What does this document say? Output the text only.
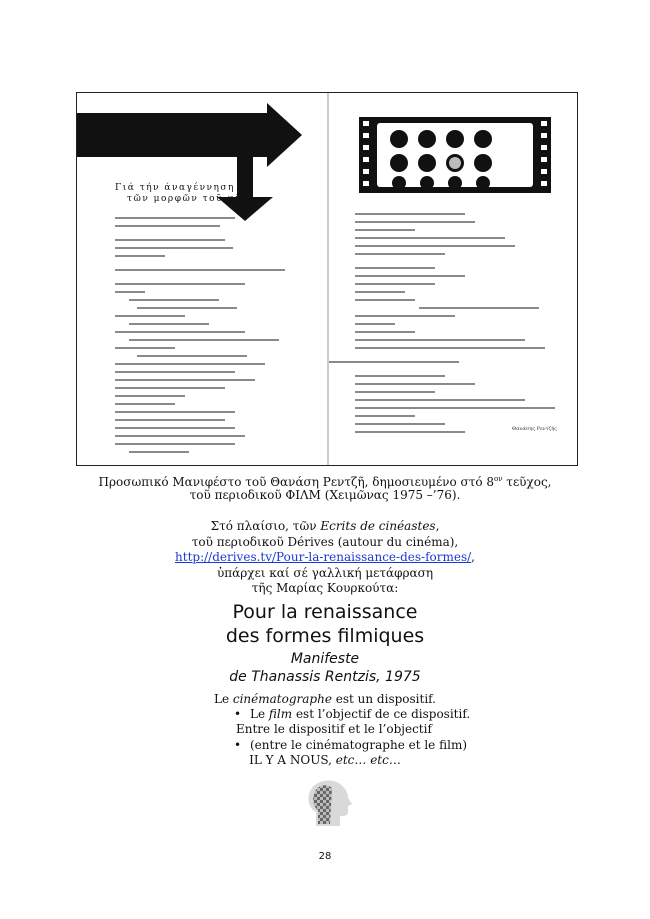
Γιά τήν άναγέννηση
τῶν μορφῶν τοῦ φίλμ.
Θανάσης Ρεντζής
Προσωπικό Μανιφέστο τοῦ Θανάση Ρεντζῆ, δημοσιευμένο στό $8^{o\nu}$ τεῦχος,
τοῦ περιοδικοῦ ΦΙΛΜ (Χειμῶνας 1975 –’76).
Στό πλαίσιο, τῶν Ecrits de cinéastes,
τοῦ περιοδικοῦ Dérives (autour du cinéma),
http://derives.tv/Pour-la-renaissance-des-formes/,
ὑπάρχει καί σέ γαλλική μετάφραση
τῆς Μαρίας Κουρκούτα:
Pour la renaissance
des formes filmiques
Manifeste
de Thanassis Rentzis, 1975
Le cinématographe est un dispositif.
• Le film est l’objectif de ce dispositif.
Entre le dispositif et le l’objectif
• (entre le cinématographe et le film)
IL Y A NOUS, etc… etc…
28
